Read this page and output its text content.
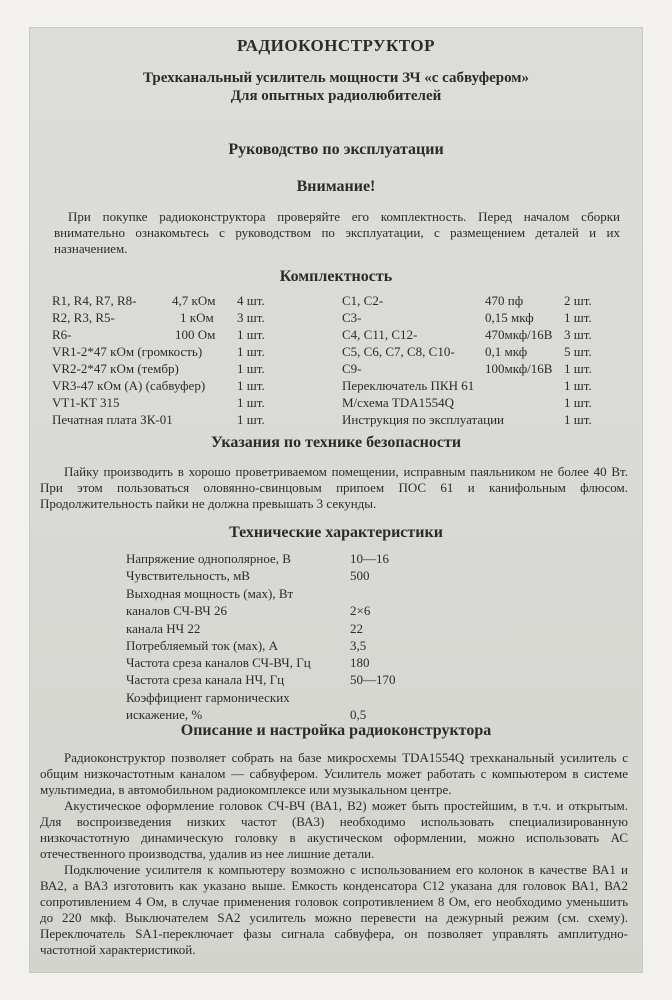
РАДИОКОНСТРУКТОР
Трехканальный усилитель мощности ЗЧ «с сабвуфером»
Для опытных радиолюбителей
Руководство по эксплуатации
Внимание!
При покупке радиоконструктора проверяйте его комплектность. Перед началом сборки внимательно ознакомьтесь с руководством по эксплуатации, с размещением деталей и их назначением.
Комплектность
R1, R4, R7, R8-	4,7 кОм 4 шт.
R2, R3, R5-	1 кОм 3 шт.
R6-	100 Ом 1 шт.
VR1-2*47 кОм (громкость)	1 шт.
VR2-2*47 кОм (тембр)	1 шт.
VR3-47 кОм (А) (сабвуфер) 1 шт.
VT1-КТ 315	1 шт.
Печатная плата ЗК-01	1 шт.
C1, C2-	470 пф	2 шт.
C3-	0,15 мкф 1 шт.
C4, C11, C12-	470мкф/16В 3 шт.
C5, C6, C7, C8, C10- 0,1 мкф	5 шт.
C9-	100мкф/16В 1 шт.
Переключатель ПКН 61	1 шт.
М/схема TDA1554Q	1 шт.
Инструкция по эксплуатации	1 шт.
Указания по технике безопасности
Пайку производить в хорошо проветриваемом помещении, исправным паяльником не более 40 Вт. При этом пользоваться оловянно-свинцовым припоем ПОС 61 и канифольным флюсом. Продолжительность пайки не должна превышать 3 секунды.
Технические характеристики
Напряжение однополярное, В	10—16
Чувствительность, мВ	500
Выходная мощность (мах), Вт
каналов СЧ-ВЧ 26	2×6
канала НЧ 22	22
Потребляемый ток (мах), А	3,5
Частота среза каналов СЧ-ВЧ, Гц	180
Частота среза канала НЧ, Гц	50—170
Коэффициент гармонических
искажение, %	0,5
Описание и настройка радиоконструктора
Радиоконструктор позволяет собрать на базе микросхемы TDA1554Q трехканальный усилитель с общим низкочастотным каналом — сабвуфером. Усилитель может работать с компьютером в системе мультимедиа, в автомобильном радиокомплексе или музыкальном центре.
Акустическое оформление головок СЧ-ВЧ (ВА1, В2) может быть простейшим, в т.ч. и открытым. Для воспроизведения низких частот (ВА3) необходимо использовать специализированную низкочастотную динамическую головку в акустическом оформлении, можно использовать АС отечественного производства, удалив из нее лишние детали.
Подключение усилителя к компьютеру возможно с использованием его колонок в качестве ВА1 и ВА2, а ВА3 изготовить как указано выше. Емкость конденсатора С12 указана для головок ВА1, ВА2 сопротивлением 4 Ом, в случае применения головок сопротивлением 8 Ом, его необходимо уменьшить до 220 мкф. Выключателем SA2 усилитель можно перевести на дежурный режим (см. схему). Переключатель SA1-переключает фазы сигнала сабвуфера, он позволяет управлять амплитудно-частотной характеристикой.
